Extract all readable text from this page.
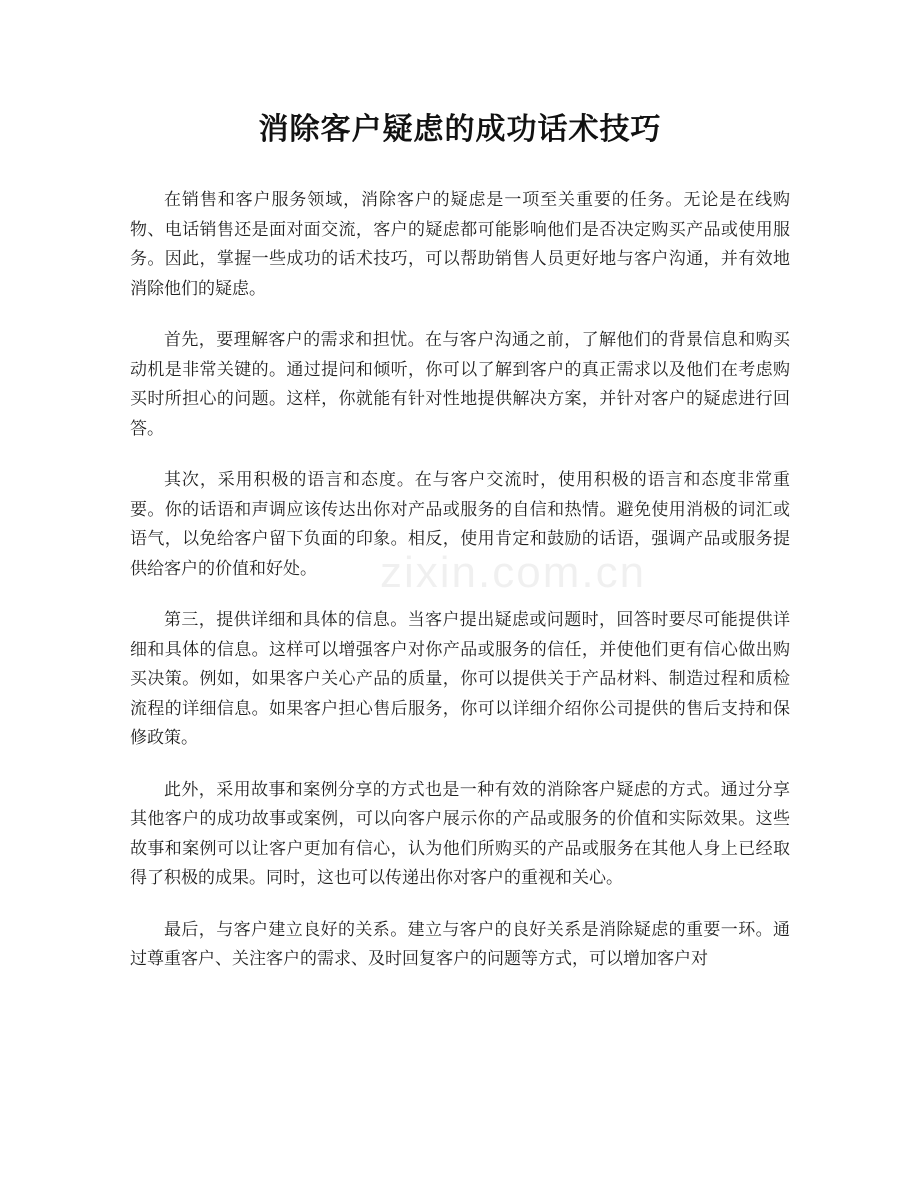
消除客户疑虑的成功话术技巧

在销售和客户服务领域，消除客户的疑虑是一项至关重要的任务。无论是在线购物、电话销售还是面对面交流，客户的疑虑都可能影响他们是否决定购买产品或使用服务。因此，掌握一些成功的话术技巧，可以帮助销售人员更好地与客户沟通，并有效地消除他们的疑虑。

首先，要理解客户的需求和担忧。在与客户沟通之前，了解他们的背景信息和购买动机是非常关键的。通过提问和倾听，你可以了解到客户的真正需求以及他们在考虑购买时所担心的问题。这样，你就能有针对性地提供解决方案，并针对客户的疑虑进行回答。

其次，采用积极的语言和态度。在与客户交流时，使用积极的语言和态度非常重要。你的话语和声调应该传达出你对产品或服务的自信和热情。避免使用消极的词汇或语气，以免给客户留下负面的印象。相反，使用肯定和鼓励的话语，强调产品或服务提供给客户的价值和好处。

第三，提供详细和具体的信息。当客户提出疑虑或问题时，回答时要尽可能提供详细和具体的信息。这样可以增强客户对你产品或服务的信任，并使他们更有信心做出购买决策。例如，如果客户关心产品的质量，你可以提供关于产品材料、制造过程和质检流程的详细信息。如果客户担心售后服务，你可以详细介绍你公司提供的售后支持和保修政策。

此外，采用故事和案例分享的方式也是一种有效的消除客户疑虑的方式。通过分享其他客户的成功故事或案例，可以向客户展示你的产品或服务的价值和实际效果。这些故事和案例可以让客户更加有信心，认为他们所购买的产品或服务在其他人身上已经取得了积极的成果。同时，这也可以传递出你对客户的重视和关心。

最后，与客户建立良好的关系。建立与客户的良好关系是消除疑虑的重要一环。通过尊重客户、关注客户的需求、及时回复客户的问题等方式，可以增加客户对

zixin.com.cn
